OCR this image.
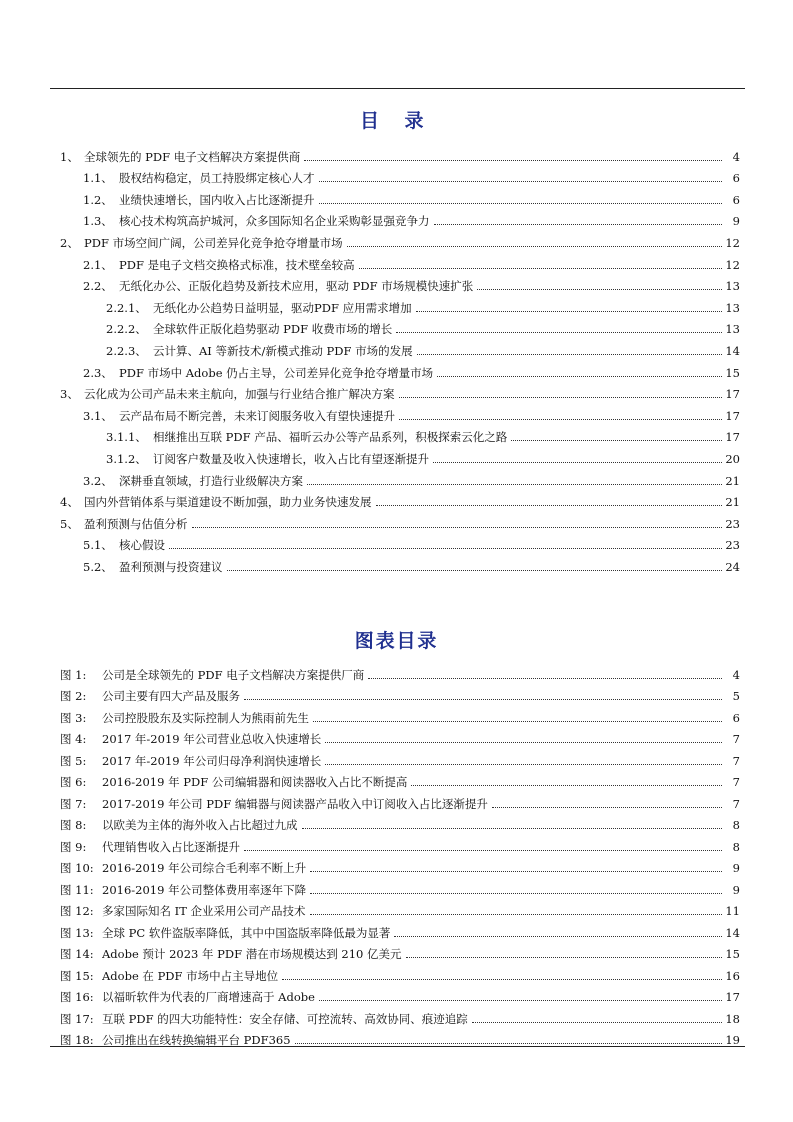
目 录
1、 全球领先的 PDF 电子文档解决方案提供商	4
1.1、 股权结构稳定，员工持股绑定核心人才	6
1.2、 业绩快速增长，国内收入占比逐渐提升	6
1.3、 核心技术构筑高护城河，众多国际知名企业采购彰显强竞争力	9
2、 PDF 市场空间广阔，公司差异化竞争抢夺增量市场	12
2.1、 PDF 是电子文档交换格式标准，技术壁垒较高	12
2.2、 无纸化办公、正版化趋势及新技术应用，驱动 PDF 市场规模快速扩张	13
2.2.1、 无纸化办公趋势日益明显，驱动PDF 应用需求增加	13
2.2.2、 全球软件正版化趋势驱动 PDF 收费市场的增长	13
2.2.3、 云计算、AI 等新技术/新模式推动 PDF 市场的发展	14
2.3、 PDF 市场中 Adobe 仍占主导，公司差异化竞争抢夺增量市场	15
3、 云化成为公司产品未来主航向，加强与行业结合推广解决方案	17
3.1、 云产品布局不断完善，未来订阅服务收入有望快速提升	17
3.1.1、 相继推出互联 PDF 产品、福昕云办公等产品系列，积极探索云化之路	17
3.1.2、 订阅客户数量及收入快速增长，收入占比有望逐渐提升	20
3.2、 深耕垂直领域，打造行业级解决方案	21
4、 国内外营销体系与渠道建设不断加强，助力业务快速发展	21
5、 盈利预测与估值分析	23
5.1、 核心假设	23
5.2、 盈利预测与投资建议	24
图表目录
图 1:	公司是全球领先的 PDF 电子文档解决方案提供厂商	4
图 2:	公司主要有四大产品及服务	5
图 3:	公司控股股东及实际控制人为熊雨前先生	6
图 4:	2017 年-2019 年公司营业总收入快速增长	7
图 5:	2017 年-2019 年公司归母净利润快速增长	7
图 6:	2016-2019 年 PDF 公司编辑器和阅读器收入占比不断提高	7
图 7:	2017-2019 年公司 PDF 编辑器与阅读器产品收入中订阅收入占比逐渐提升	7
图 8:	以欧美为主体的海外收入占比超过九成	8
图 9:	代理销售收入占比逐渐提升	8
图 10: 2016-2019 年公司综合毛利率不断上升	9
图 11: 2016-2019 年公司整体费用率逐年下降	9
图 12: 多家国际知名 IT 企业采用公司产品技术	11
图 13: 全球 PC 软件盗版率降低，其中中国盗版率降低最为显著	14
图 14: Adobe 预计 2023 年 PDF 潜在市场规模达到 210 亿美元	15
图 15: Adobe 在 PDF 市场中占主导地位	16
图 16: 以福昕软件为代表的厂商增速高于 Adobe	17
图 17: 互联 PDF 的四大功能特性：安全存储、可控流转、高效协同、痕迹追踪	18
图 18: 公司推出在线转换编辑平台 PDF365	19
